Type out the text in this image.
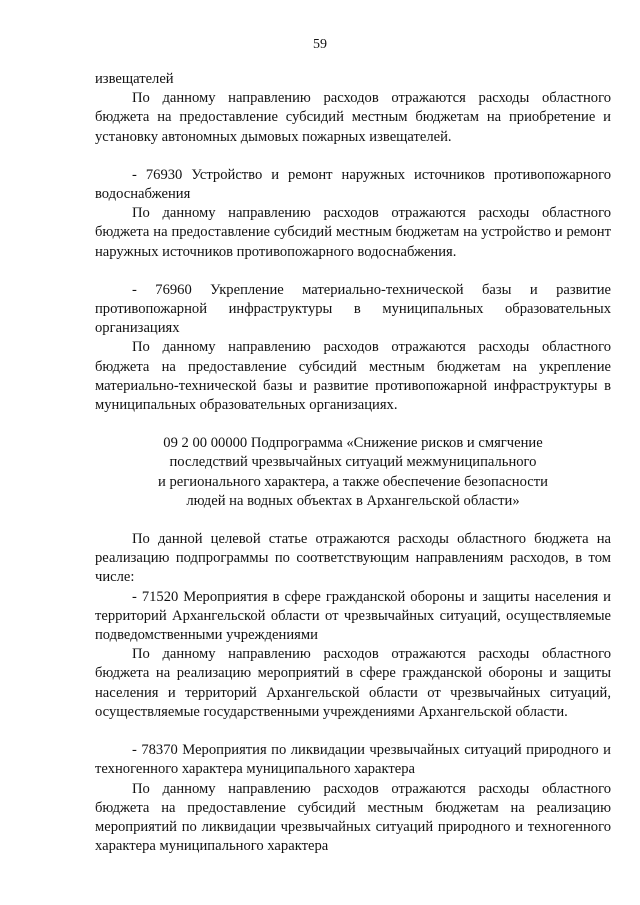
59

извещателей

По данному направлению расходов отражаются расходы областного бюджета на предоставление субсидий местным бюджетам на приобретение и установку автономных дымовых пожарных извещателей.

- 76930 Устройство и ремонт наружных источников противопожарного водоснабжения

По данному направлению расходов отражаются расходы областного бюджета на предоставление субсидий местным бюджетам на устройство и ремонт наружных источников противопожарного водоснабжения.

- 76960 Укрепление материально-технической базы и развитие противопожарной инфраструктуры в муниципальных образовательных организациях

По данному направлению расходов отражаются расходы областного бюджета на предоставление субсидий местным бюджетам на укрепление материально-технической базы и развитие противопожарной инфраструктуры в муниципальных образовательных организациях.

09 2 00 00000 Подпрограмма «Снижение рисков и смягчение
последствий чрезвычайных ситуаций межмуниципального
и регионального характера, а также обеспечение безопасности
людей на водных объектах в Архангельской области»

По данной целевой статье отражаются расходы областного бюджета на реализацию подпрограммы по соответствующим направлениям расходов, в том числе:

- 71520 Мероприятия в сфере гражданской обороны и защиты населения и территорий Архангельской области от чрезвычайных ситуаций, осуществляемые подведомственными учреждениями

По данному направлению расходов отражаются расходы областного бюджета на реализацию мероприятий в сфере гражданской обороны и защиты населения и территорий Архангельской области от чрезвычайных ситуаций, осуществляемые государственными учреждениями Архангельской области.

- 78370 Мероприятия по ликвидации чрезвычайных ситуаций природного и техногенного характера муниципального характера

По данному направлению расходов отражаются расходы областного бюджета на предоставление субсидий местным бюджетам на реализацию мероприятий по ликвидации чрезвычайных ситуаций природного и техногенного характера муниципального характера
